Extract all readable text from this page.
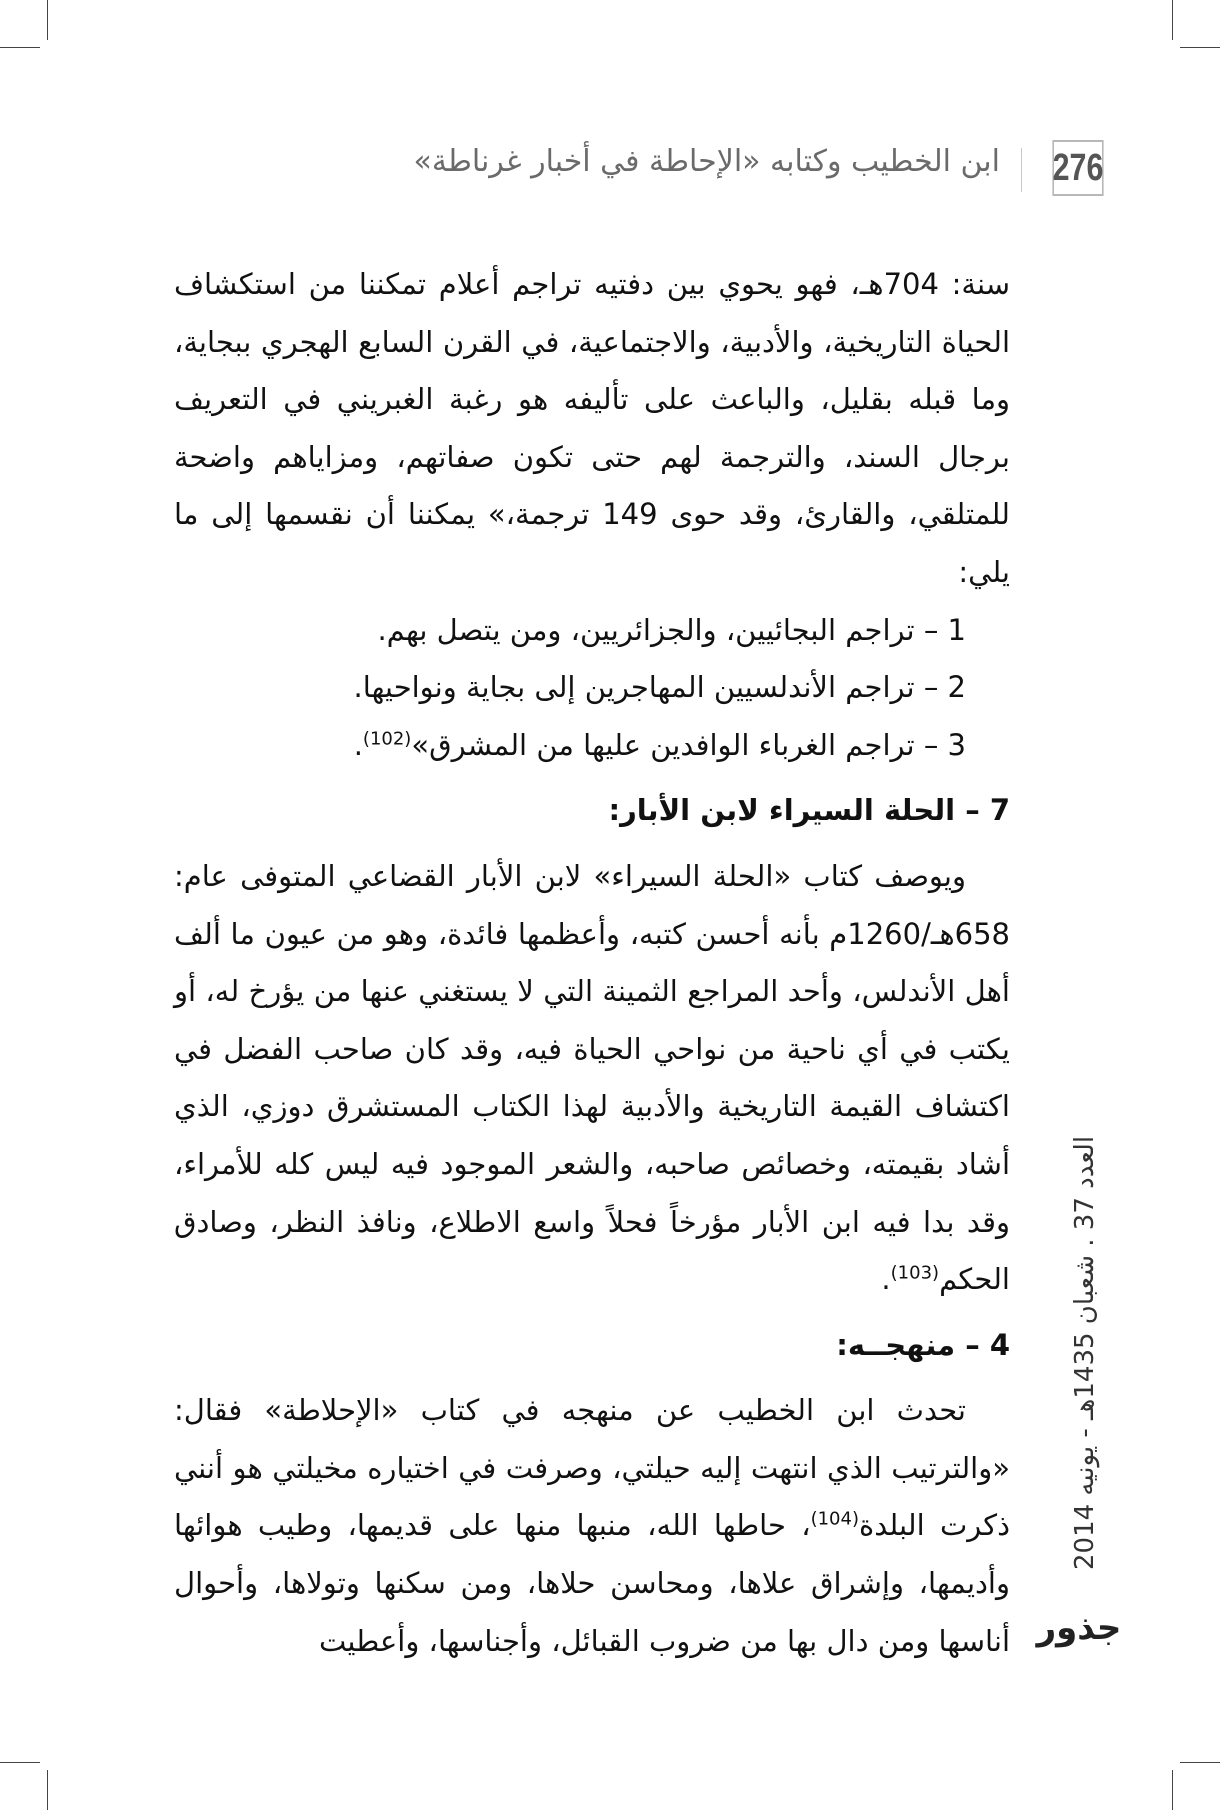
276
ابن الخطيب وكتابه «الإحاطة في أخبار غرناطة»

سنة: 704هـ، فهو يحوي بين دفتيه تراجم أعلام تمكننا من استكشاف الحياة التاريخية، والأدبية، والاجتماعية، في القرن السابع الهجري ببجاية، وما قبله بقليل، والباعث على تأليفه هو رغبة الغبريني في التعريف برجال السند، والترجمة لهم حتى تكون صفاتهم، ومزاياهم واضحة للمتلقي، والقارئ، وقد حوى 149 ترجمة،» يمكننا أن نقسمها إلى ما يلي:

1 – تراجم البجائيين، والجزائريين، ومن يتصل بهم.

2 – تراجم الأندلسيين المهاجرين إلى بجاية ونواحيها.

3 – تراجم الغرباء الوافدين عليها من المشرق»$^{(102)}$.

7 – الحلة السيراء لابن الأبار:

ويوصف كتاب «الحلة السيراء» لابن الأبار القضاعي المتوفى عام: 658هـ/1260م بأنه أحسن كتبه، وأعظمها فائدة، وهو من عيون ما ألف أهل الأندلس، وأحد المراجع الثمينة التي لا يستغني عنها من يؤرخ له، أو يكتب في أي ناحية من نواحي الحياة فيه، وقد كان صاحب الفضل في اكتشاف القيمة التاريخية والأدبية لهذا الكتاب المستشرق دوزي، الذي أشاد بقيمته، وخصائص صاحبه، والشعر الموجود فيه ليس كله للأمراء، وقد بدا فيه ابن الأبار مؤرخاً فحلاً واسع الاطلاع، ونافذ النظر، وصادق الحكم$^{(103)}$.

4 – منهجــه:

تحدث ابن الخطيب عن منهجه في كتاب «الإحلاطة» فقال: «والترتيب الذي انتهت إليه حيلتي، وصرفت في اختياره مخيلتي هو أنني ذكرت البلدة$^{(104)}$، حاطها الله، منبها منها على قديمها، وطيب هوائها وأديمها، وإشراق علاها، ومحاسن حلاها، ومن سكنها وتولاها، وأحوال أناسها ومن دال بها من ضروب القبائل، وأجناسها، وأعطيت

العدد 37 . شعبان 1435هـ - يونيه 2014
جذور
